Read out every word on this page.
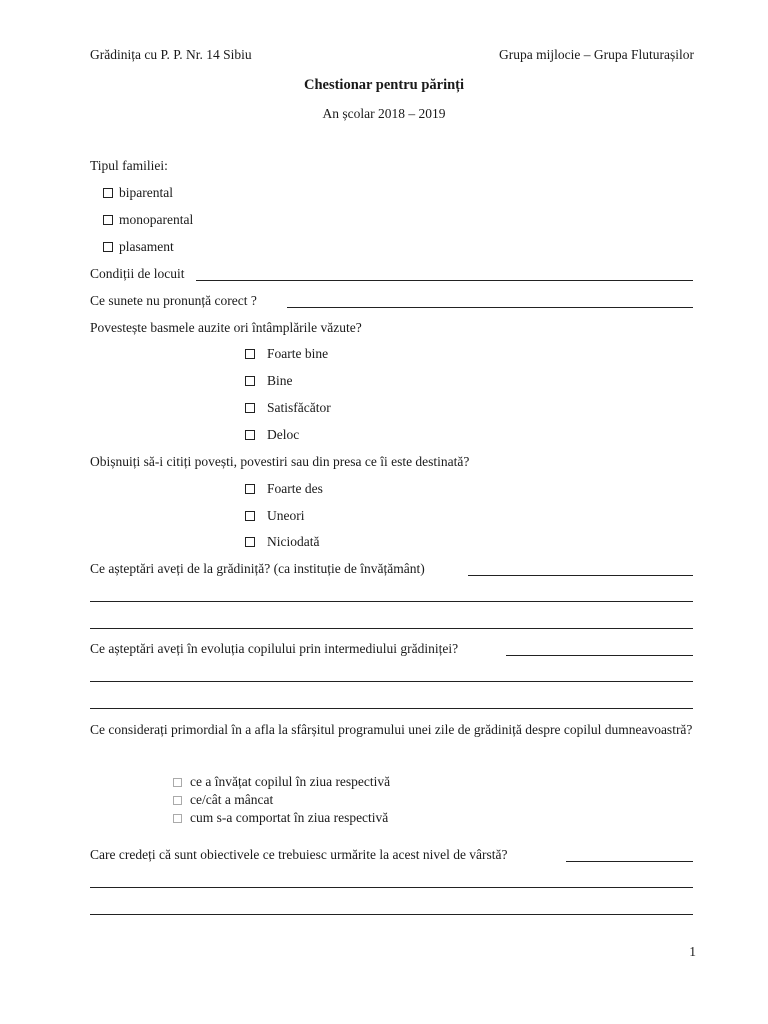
Grădinița cu P. P. Nr. 14 Sibiu	Grupa mijlocie – Grupa Fluturașilor
Chestionar pentru părinți
An școlar 2018 – 2019
Tipul familiei:
biparental
monoparental
plasament
Condiții de locuit
Ce sunete nu pronunță corect ?
Povestește basmele auzite ori întâmplările văzute?
Foarte bine
Bine
Satisfăcător
Deloc
Obișnuiți să-i citiți povești, povestiri sau din presa ce îi este destinată?
Foarte des
Uneori
Niciodată
Ce așteptări aveți de la grădiniță? (ca instituție de învățământ)
Ce așteptări aveți în evoluția copilului prin intermediului grădiniței?
Ce considerați primordial în a afla la sfârșitul programului unei zile de grădiniță despre copilul dumneavoastră?
ce a învățat copilul în ziua respectivă
ce/cât a mâncat
cum s-a comportat în ziua respectivă
Care credeți că sunt obiectivele ce trebuiesc urmărite la acest nivel de vârstă?
1
